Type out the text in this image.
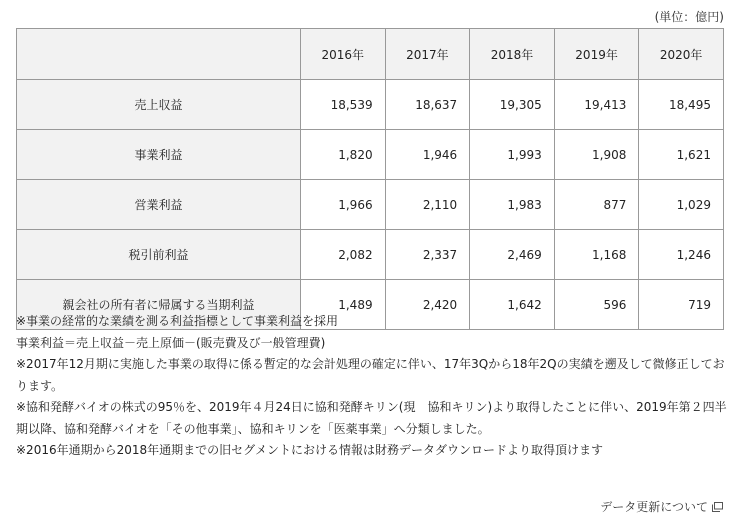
(単位：億円)
	2016年	2017年	2018年	2019年	2020年
売上収益	18,539	18,637	19,305	19,413	18,495
事業利益	1,820	1,946	1,993	1,908	1,621
営業利益	1,966	2,110	1,983	877	1,029
税引前利益	2,082	2,337	2,469	1,168	1,246
親会社の所有者に帰属する当期利益	1,489	2,420	1,642	596	719

※事業の経常的な業績を測る利益指標として事業利益を採用

事業利益＝売上収益－売上原価－(販売費及び一般管理費)

※2017年12月期に実施した事業の取得に係る暫定的な会計処理の確定に伴い、17年3Qから18年2Qの実績を遡及して微修正しております。

※協和発酵バイオの株式の95％を、2019年４月24日に協和発酵キリン(現　協和キリン)より取得したことに伴い、2019年第２四半期以降、協和発酵バイオを「その他事業」、協和キリンを「医薬事業」へ分類しました。

※2016年通期から2018年通期までの旧セグメントにおける情報は財務データダウンロードより取得頂けます

データ更新について
